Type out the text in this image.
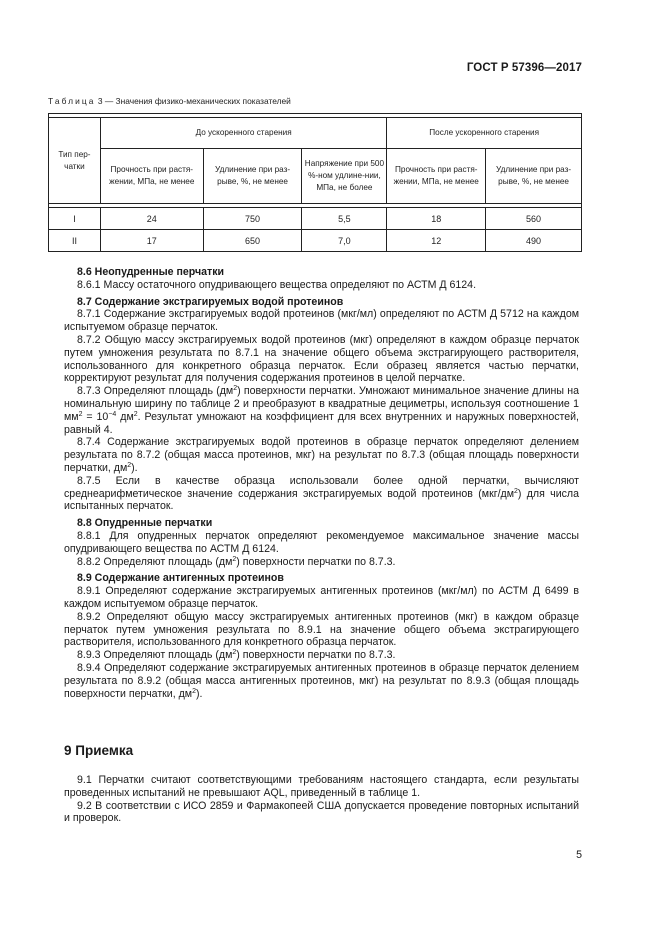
ГОСТ Р 57396—2017
Таблица 3 — Значения физико-механических показателей

Тип пер-чатки	До ускоренного старения			После ускоренного старения	
	Прочность при растя-жении, МПа, не менее	Удлинение при раз-рыве, %, не менее	Напряжение при 500 %-ном удлине-нии, МПа, не более	Прочность при растя-жении, МПа, не менее	Удлинение при раз-рыве, %, не менее

I	24	750	5,5	18	560
II	17	650	7,0	12	490
8.6 Неопудренные перчатки

8.6.1 Массу остаточного опудривающего вещества определяют по АСТМ Д 6124.

8.7 Содержание экстрагируемых водой протеинов

8.7.1 Содержание экстрагируемых водой протеинов (мкг/мл) определяют по АСТМ Д 5712 на каждом испытуемом образце перчаток.

8.7.2 Общую массу экстрагируемых водой протеинов (мкг) определяют в каждом образце перчаток путем умножения результата по 8.7.1 на значение общего объема экстрагирующего растворителя, использованного для конкретного образца перчаток. Если образец является частью перчатки, корректируют результат для получения содержания протеинов в целой перчатке.

8.7.3 Определяют площадь $(дм^2)$ поверхности перчатки. Умножают минимальное значение длины на номинальную ширину по таблице 2 и преобразуют в квадратные дециметры, используя соотношение 1 $мм^2 = 10^{-4}$ $дм^2$. Результат умножают на коэффициент для всех внутренних и наружных поверхностей, равный 4.

8.7.4 Содержание экстрагируемых водой протеинов в образце перчаток определяют делением результата по 8.7.2 (общая масса протеинов, мкг) на результат по 8.7.3 (общая площадь поверхности перчатки, $дм^2$).

8.7.5 Если в качестве образца использовали более одной перчатки, вычисляют среднеарифметическое значение содержания экстрагируемых водой протеинов $(мкг/дм^2)$ для числа испытанных перчаток.

8.8 Опудренные перчатки

8.8.1 Для опудренных перчаток определяют рекомендуемое максимальное значение массы опудривающего вещества по АСТМ Д 6124.

8.8.2 Определяют площадь $(дм^2)$ поверхности перчатки по 8.7.3.

8.9 Содержание антигенных протеинов

8.9.1 Определяют содержание экстрагируемых антигенных протеинов (мкг/мл) по АСТМ Д 6499 в каждом испытуемом образце перчаток.

8.9.2 Определяют общую массу экстрагируемых антигенных протеинов (мкг) в каждом образце перчаток путем умножения результата по 8.9.1 на значение общего объема экстрагирующего растворителя, использованного для конкретного образца перчаток.

8.9.3 Определяют площадь $(дм^2)$ поверхности перчатки по 8.7.3.

8.9.4 Определяют содержание экстрагируемых антигенных протеинов в образце перчаток делением результата по 8.9.2 (общая масса антигенных протеинов, мкг) на результат по 8.9.3 (общая площадь поверхности перчатки, $дм^2$).

9 Приемка

9.1 Перчатки считают соответствующими требованиям настоящего стандарта, если результаты проведенных испытаний не превышают AQL, приведенный в таблице 1.

9.2 В соответствии с ИСО 2859 и Фармакопеей США допускается проведение повторных испытаний и проверок.

5
